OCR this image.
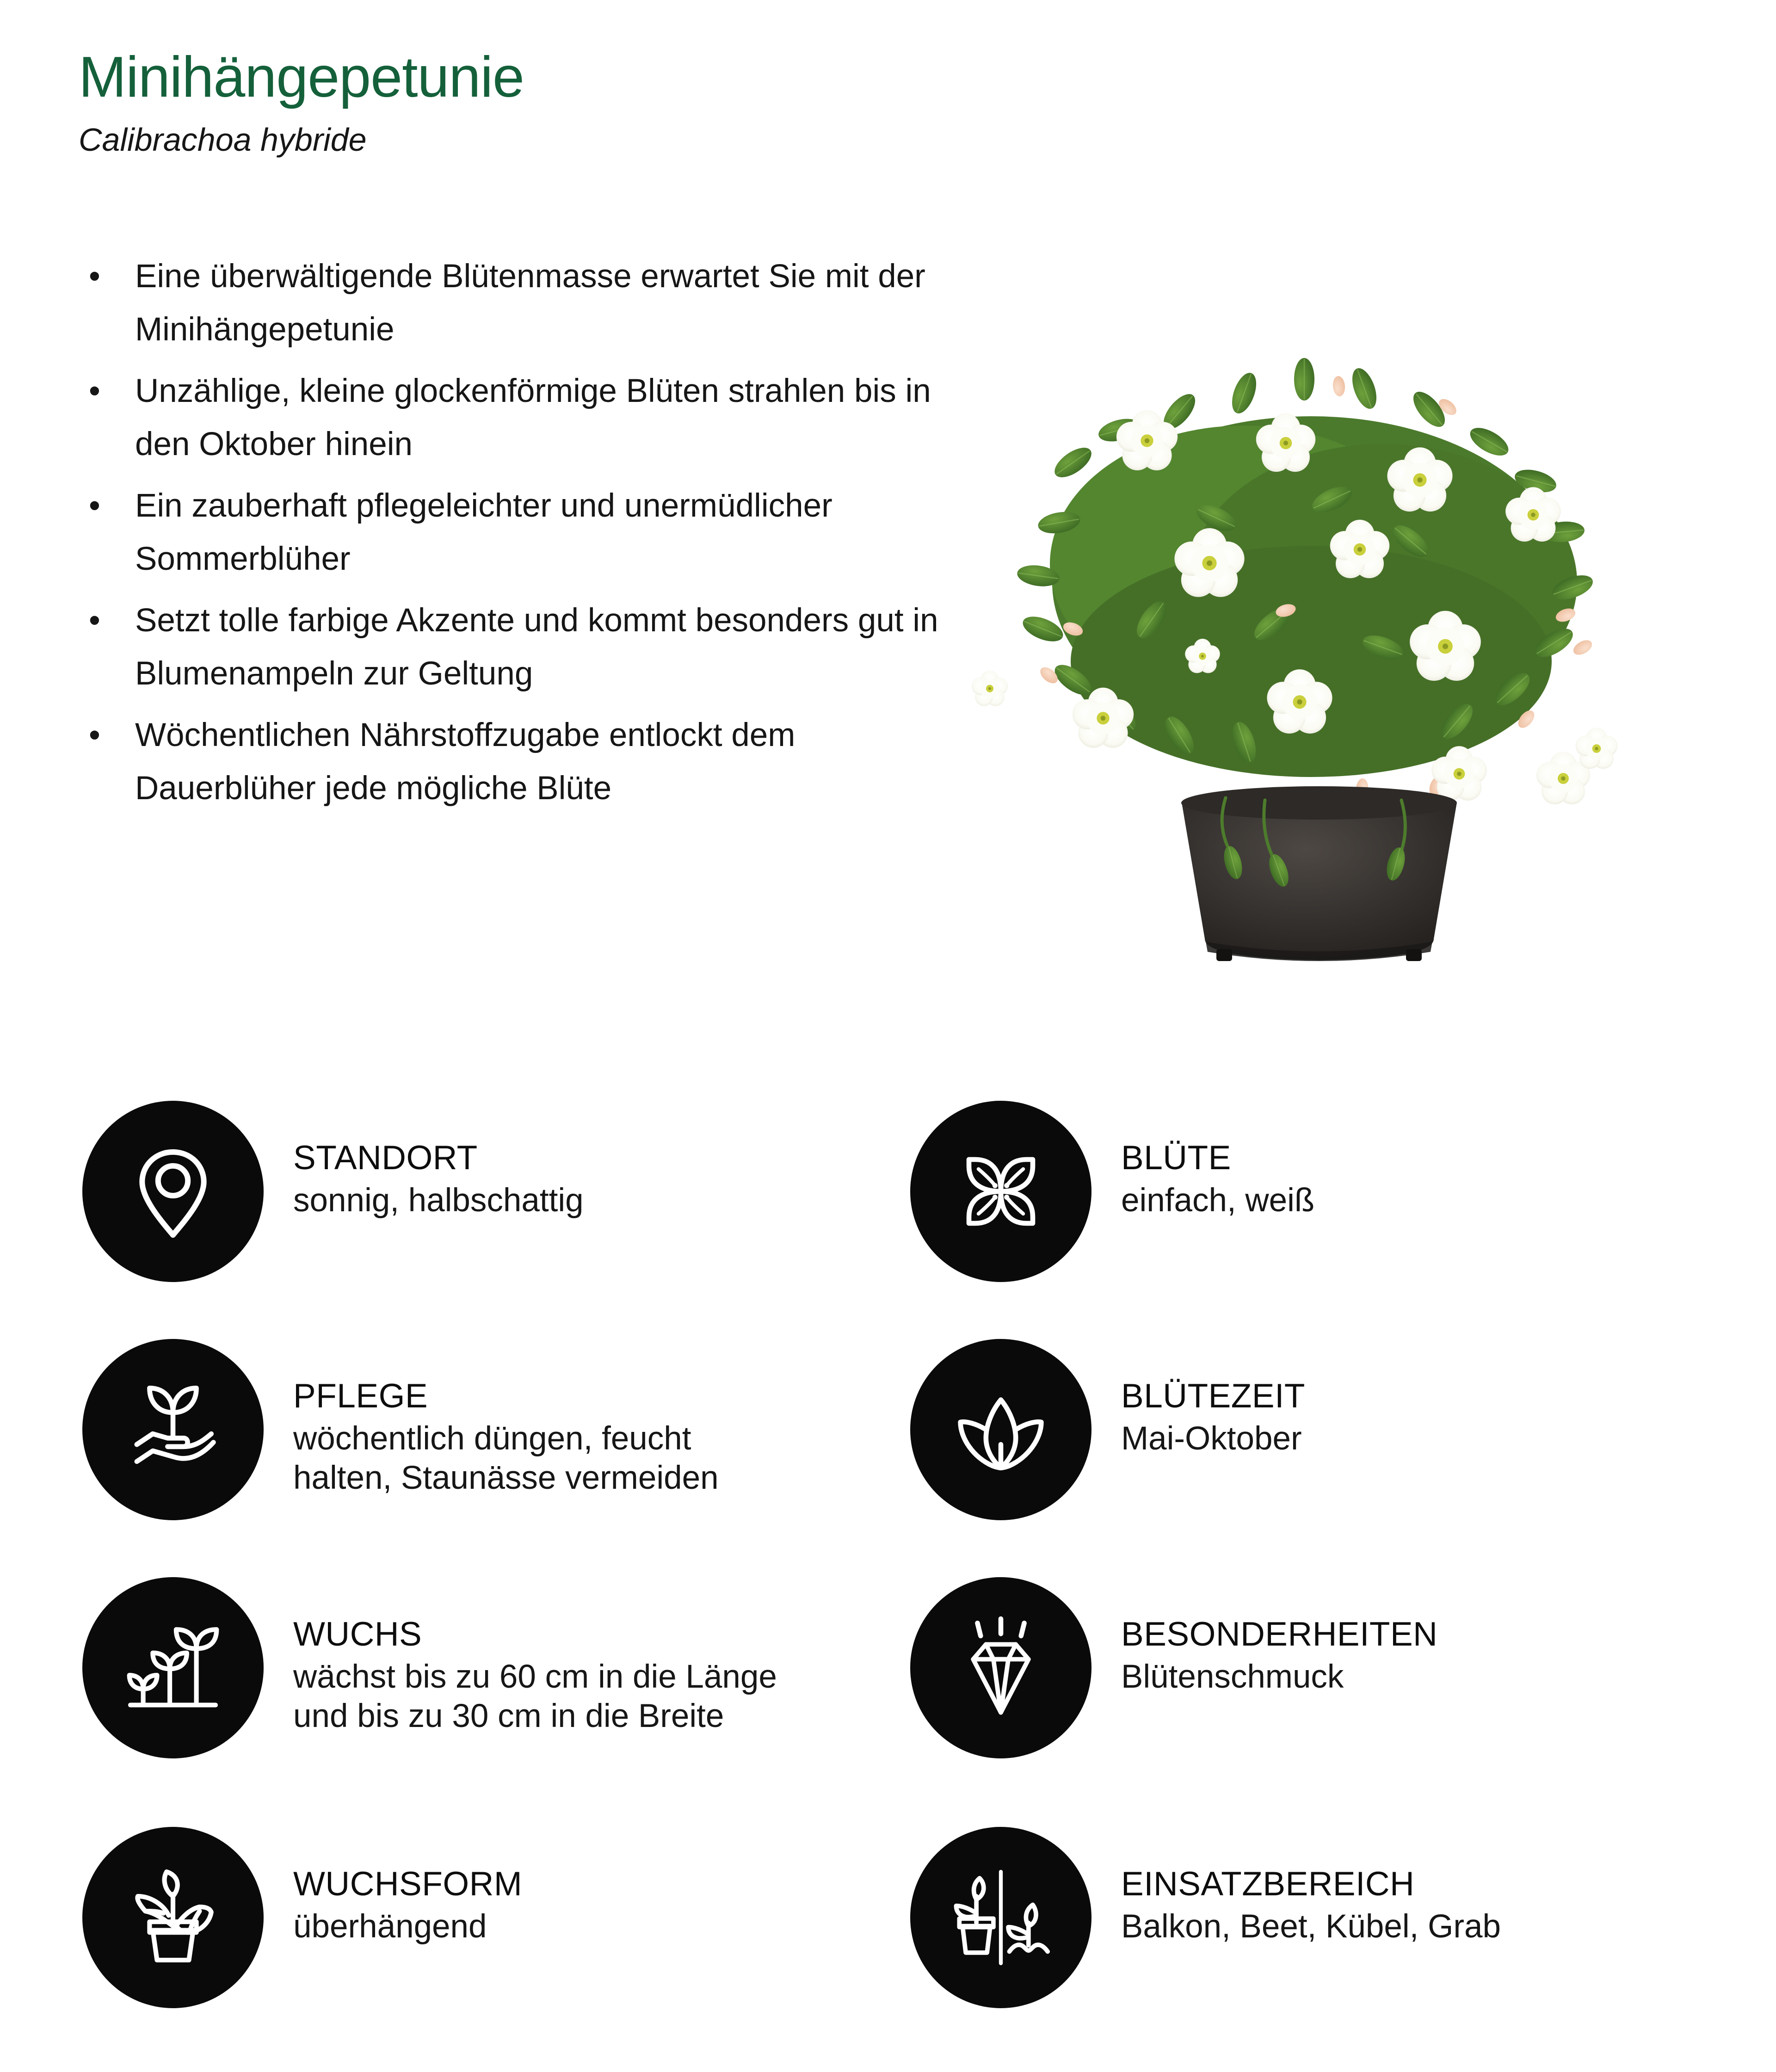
Minihängepetunie
Calibrachoa hybride
• Eine überwältigende Blütenmasse erwartet Sie mit der Minihängepetunie
• Unzählige, kleine glockenförmige Blüten strahlen bis in den Oktober hinein
• Ein zauberhaft pflegeleichter und unermüdlicher Sommerblüher
• Setzt tolle farbige Akzente und kommt besonders gut in Blumenampeln zur Geltung
• Wöchentlichen Nährstoffzugabe entlockt dem Dauerblüher jede mögliche Blüte
STANDORT
sonnig, halbschattig
BLÜTE
einfach, weiß
PFLEGE
wöchentlich düngen, feucht
halten, Staunässe vermeiden
BLÜTEZEIT
Mai-Oktober
WUCHS
wächst bis zu 60 cm in die Länge
und bis zu 30 cm in die Breite
BESONDERHEITEN
Blütenschmuck
WUCHSFORM
überhängend
EINSATZBEREICH
Balkon, Beet, Kübel, Grab
